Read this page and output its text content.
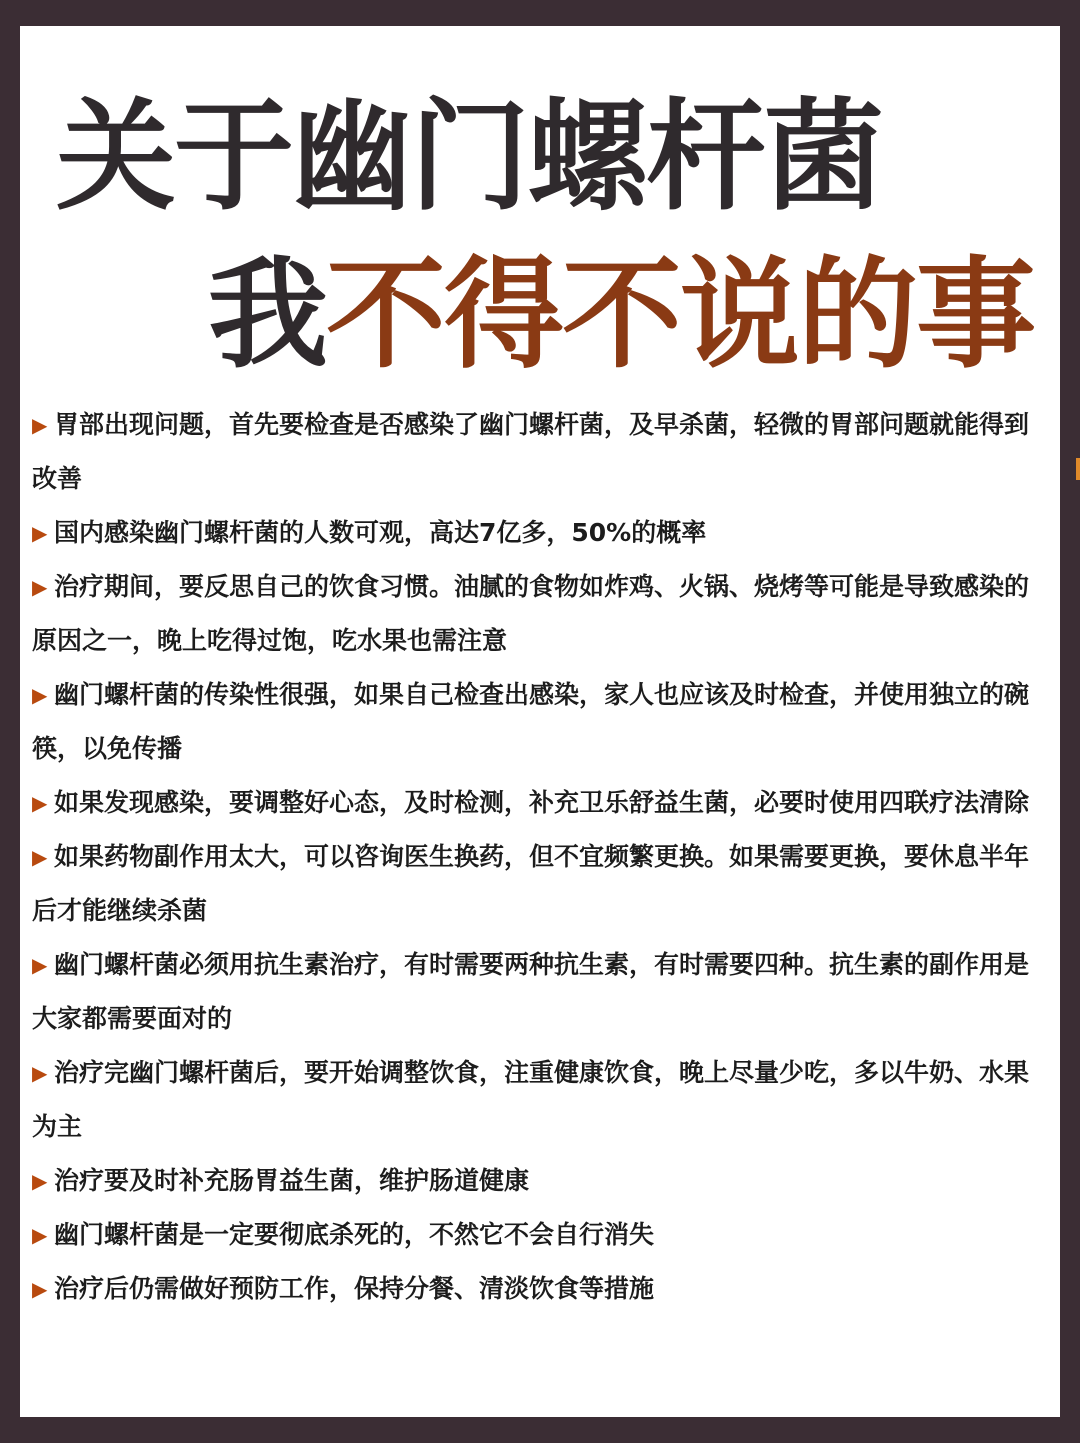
关于幽门螺杆菌
我不得不说的事

▶ 胃部出现问题，首先要检查是否感染了幽门螺杆菌，及早杀菌，轻微的胃部问题就能得到改善

▶ 国内感染幽门螺杆菌的人数可观，高达7亿多，50%的概率

▶ 治疗期间，要反思自己的饮食习惯。油腻的食物如炸鸡、火锅、烧烤等可能是导致感染的原因之一，晚上吃得过饱，吃水果也需注意

▶ 幽门螺杆菌的传染性很强，如果自己检查出感染，家人也应该及时检查，并使用独立的碗筷，以免传播

▶ 如果发现感染，要调整好心态，及时检测，补充卫乐舒益生菌，必要时使用四联疗法清除

▶ 如果药物副作用太大，可以咨询医生换药，但不宜频繁更换。如果需要更换，要休息半年后才能继续杀菌

▶ 幽门螺杆菌必须用抗生素治疗，有时需要两种抗生素，有时需要四种。抗生素的副作用是大家都需要面对的

▶ 治疗完幽门螺杆菌后，要开始调整饮食，注重健康饮食，晚上尽量少吃，多以牛奶、水果为主

▶ 治疗要及时补充肠胃益生菌，维护肠道健康

▶ 幽门螺杆菌是一定要彻底杀死的，不然它不会自行消失

▶ 治疗后仍需做好预防工作，保持分餐、清淡饮食等措施
